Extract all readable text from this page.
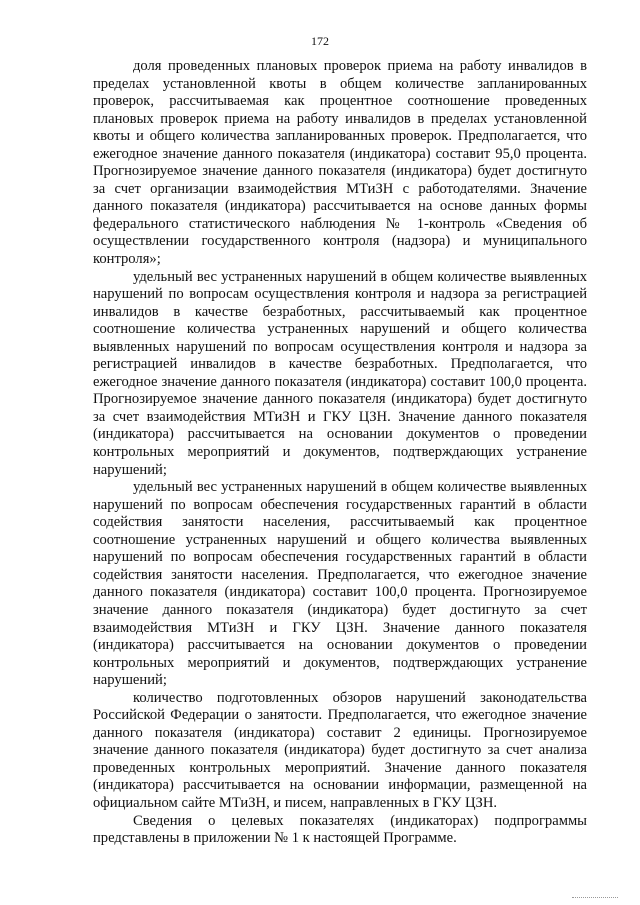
172

доля проведенных плановых проверок приема на работу инвалидов в пределах установленной квоты в общем количестве запланированных проверок, рассчитываемая как процентное соотношение проведенных плановых проверок приема на работу инвалидов в пределах установленной квоты и общего количества запланированных проверок. Предполагается, что ежегодное значение данного показателя (индикатора) составит 95,0 процента. Прогнозируемое значение данного показателя (индикатора) будет достигнуто за счет организации взаимодействия МТиЗН с работодателями. Значение данного показателя (индикатора) рассчитывается на основе данных формы федерального статистического наблюдения № 1-контроль «Сведения об осуществлении государственного контроля (надзора) и муниципального контроля»;

удельный вес устраненных нарушений в общем количестве выявленных нарушений по вопросам осуществления контроля и надзора за регистрацией инвалидов в качестве безработных, рассчитываемый как процентное соотношение количества устраненных нарушений и общего количества выявленных нарушений по вопросам осуществления контроля и надзора за регистрацией инвалидов в качестве безработных. Предполагается, что ежегодное значение данного показателя (индикатора) составит 100,0 процента. Прогнозируемое значение данного показателя (индикатора) будет достигнуто за счет взаимодействия МТиЗН и ГКУ ЦЗН. Значение данного показателя (индикатора) рассчитывается на основании документов о проведении контрольных мероприятий и документов, подтверждающих устранение нарушений;

удельный вес устраненных нарушений в общем количестве выявленных нарушений по вопросам обеспечения государственных гарантий в области содействия занятости населения, рассчитываемый как процентное соотношение устраненных нарушений и общего количества выявленных нарушений по вопросам обеспечения государственных гарантий в области содействия занятости населения. Предполагается, что ежегодное значение данного показателя (индикатора) составит 100,0 процента. Прогнозируемое значение данного показателя (индикатора) будет достигнуто за счет взаимодействия МТиЗН и ГКУ ЦЗН. Значение данного показателя (индикатора) рассчитывается на основании документов о проведении контрольных мероприятий и документов, подтверждающих устранение нарушений;

количество подготовленных обзоров нарушений законодательства Российской Федерации о занятости. Предполагается, что ежегодное значение данного показателя (индикатора) составит 2 единицы. Прогнозируемое значение данного показателя (индикатора) будет достигнуто за счет анализа проведенных контрольных мероприятий. Значение данного показателя (индикатора) рассчитывается на основании информации, размещенной на официальном сайте МТиЗН, и писем, направленных в ГКУ ЦЗН.

Сведения о целевых показателях (индикаторах) подпрограммы представлены в приложении № 1 к настоящей Программе.
